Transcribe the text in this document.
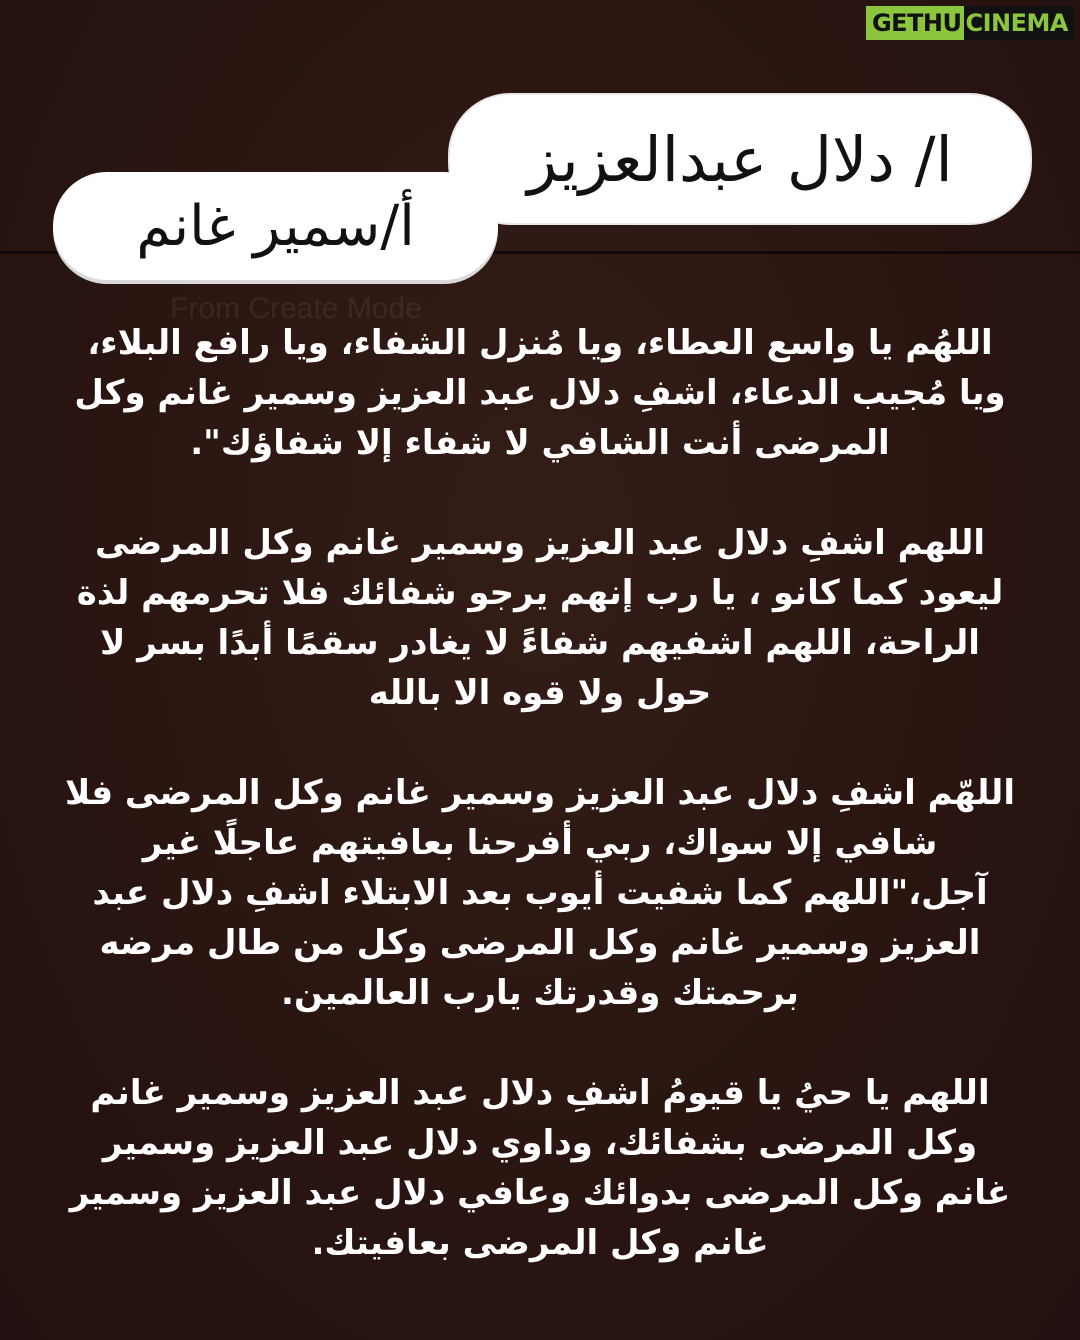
GETHU CINEMA
From Create Mode
ا/ دلال عبدالعزيز
أ/سمير غانم

اللهُم يا واسع العطاء، ويا مُنزل الشفاء، ويا رافع البلاء، ويا مُجيب الدعاء، اشفِ دلال عبد العزيز وسمير غانم وكل المرضى أنت الشافي لا شفاء إلا شفاؤك".

اللهم اشفِ دلال عبد العزيز وسمير غانم وكل المرضى ليعود كما كانو ، يا رب إنهم يرجو شفائك فلا تحرمهم لذة الراحة، اللهم اشفيهم شفاءً لا يغادر سقمًا أبدًا بسر لا حول ولا قوه الا بالله

اللهّم اشفِ دلال عبد العزيز وسمير غانم وكل المرضى فلا شافي إلا سواك، ربي أفرحنا بعافيتهم عاجلًا غير آجل،"اللهم كما شفيت أيوب بعد الابتلاء اشفِ دلال عبد العزيز وسمير غانم وكل المرضى وكل من طال مرضه برحمتك وقدرتك يارب العالمين.

اللهم يا حيُ يا قيومُ اشفِ دلال عبد العزيز وسمير غانم وكل المرضى بشفائك، وداوي دلال عبد العزيز وسمير غانم وكل المرضى بدوائك وعافي دلال عبد العزيز وسمير غانم وكل المرضى بعافيتك.
